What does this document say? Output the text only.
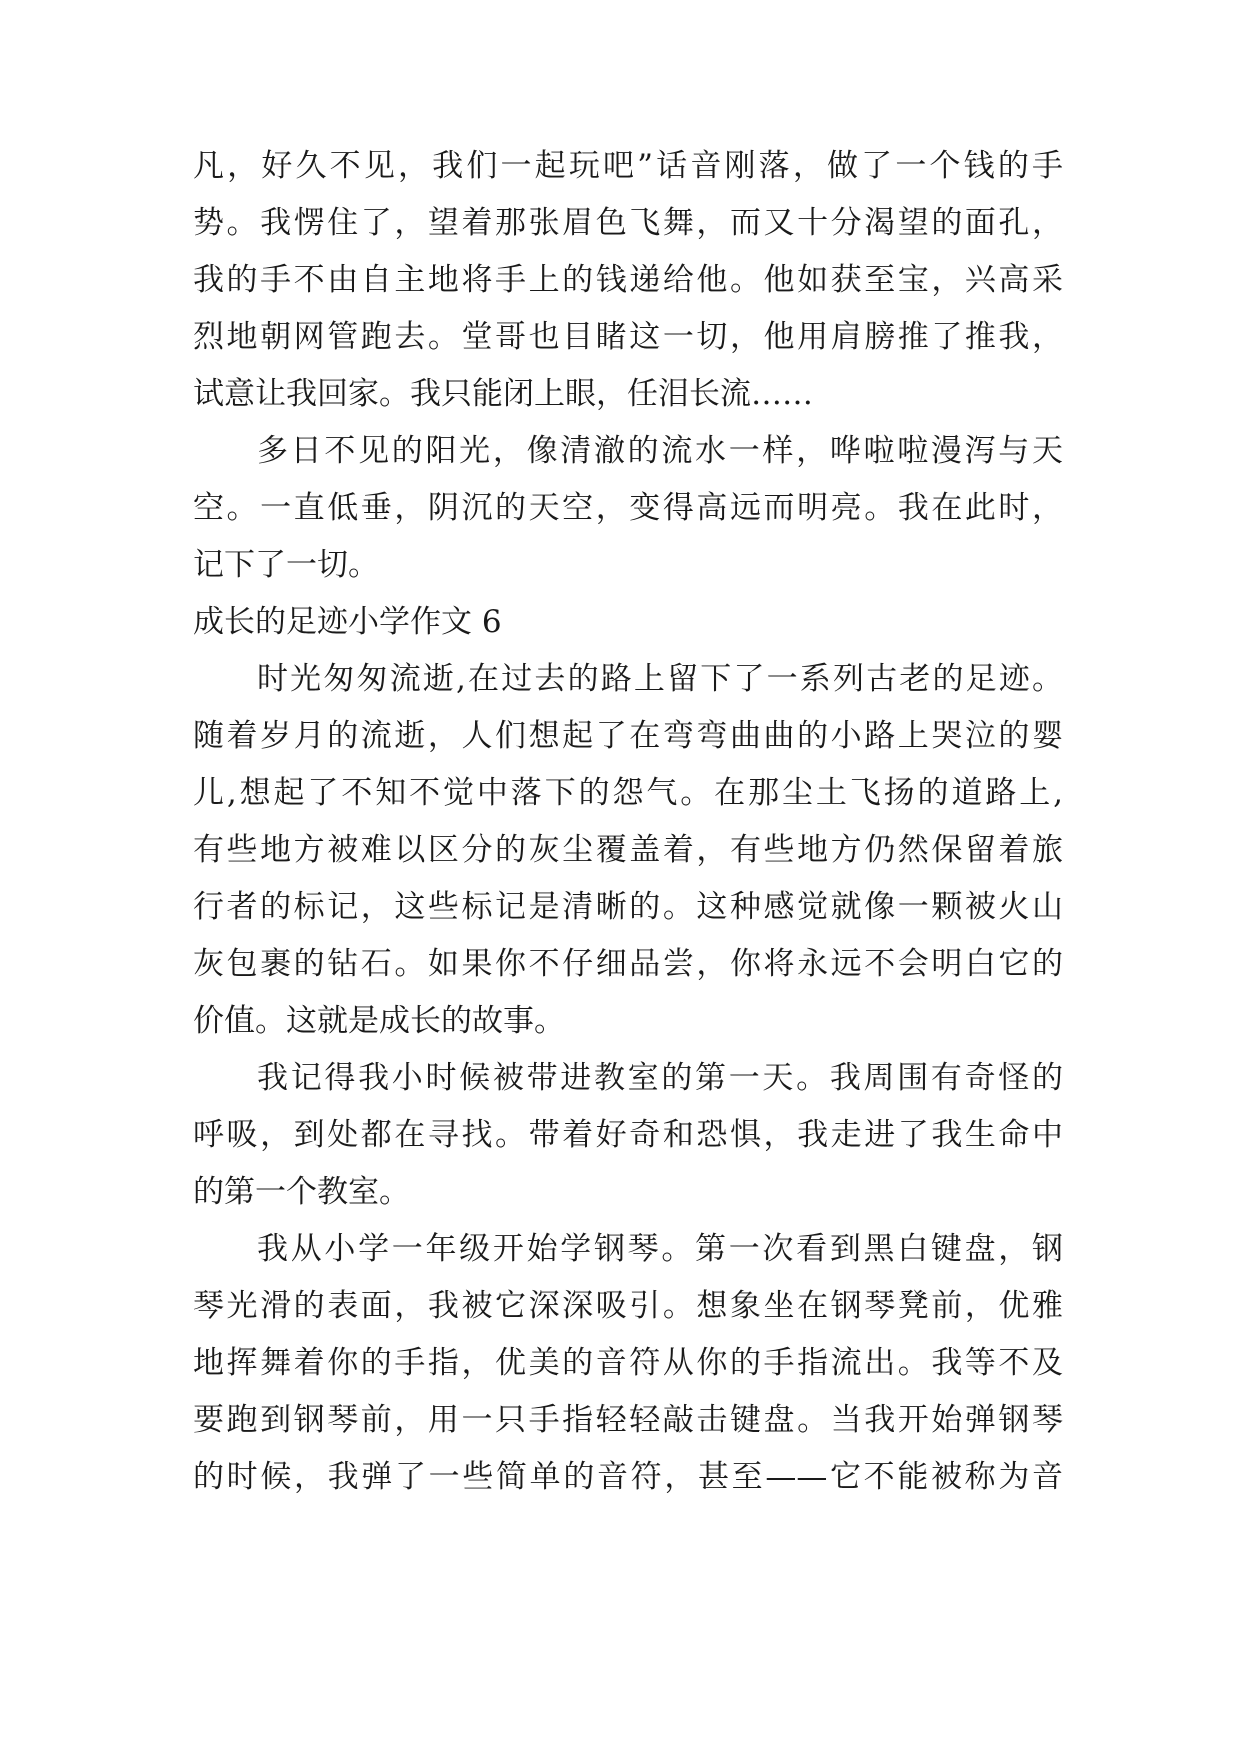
凡，好久不见，我们一起玩吧”话音刚落，做了一个钱的手
势。我愣住了，望着那张眉色飞舞，而又十分渴望的面孔，
我的手不由自主地将手上的钱递给他。他如获至宝，兴高采
烈地朝网管跑去。堂哥也目睹这一切，他用肩膀推了推我，
试意让我回家。我只能闭上眼，任泪长流……
多日不见的阳光，像清澈的流水一样，哗啦啦漫泻与天
空。一直低垂，阴沉的天空，变得高远而明亮。我在此时，
记下了一切。
成长的足迹小学作文 6
时光匆匆流逝,在过去的路上留下了一系列古老的足迹。
随着岁月的流逝，人们想起了在弯弯曲曲的小路上哭泣的婴
儿,想起了不知不觉中落下的怨气。在那尘土飞扬的道路上,
有些地方被难以区分的灰尘覆盖着，有些地方仍然保留着旅
行者的标记，这些标记是清晰的。这种感觉就像一颗被火山
灰包裹的钻石。如果你不仔细品尝，你将永远不会明白它的
价值。这就是成长的故事。
我记得我小时候被带进教室的第一天。我周围有奇怪的
呼吸，到处都在寻找。带着好奇和恐惧，我走进了我生命中
的第一个教室。
我从小学一年级开始学钢琴。第一次看到黑白键盘，钢
琴光滑的表面，我被它深深吸引。想象坐在钢琴凳前，优雅
地挥舞着你的手指，优美的音符从你的手指流出。我等不及
要跑到钢琴前，用一只手指轻轻敲击键盘。当我开始弹钢琴
的时候，我弹了一些简单的音符，甚至——它不能被称为音
